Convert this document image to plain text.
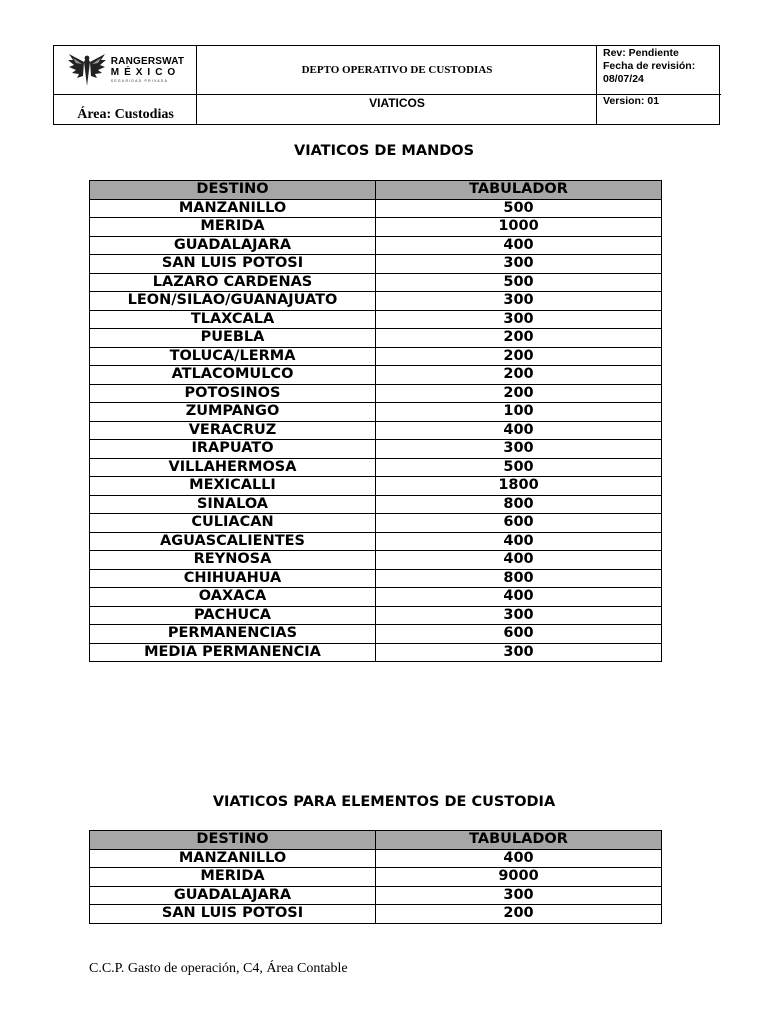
RANGERSWAT
MÉXICO
SEGURIDAD PRIVADA
DEPTO OPERATIVO DE CUSTODIAS
Rev: Pendiente
Fecha de revisión:
08/07/24
Área: Custodias
VIATICOS	Version: 01
VIATICOS DE MANDOS
DESTINO	TABULADOR
MANZANILLO	500
MERIDA	1000
GUADALAJARA	400
SAN LUIS POTOSI	300
LAZARO CARDENAS	500
LEON/SILAO/GUANAJUATO	300
TLAXCALA	300
PUEBLA	200
TOLUCA/LERMA	200
ATLACOMULCO	200
POTOSINOS	200
ZUMPANGO	100
VERACRUZ	400
IRAPUATO	300
VILLAHERMOSA	500
MEXICALLI	1800
SINALOA	800
CULIACAN	600
AGUASCALIENTES	400
REYNOSA	400
CHIHUAHUA	800
OAXACA	400
PACHUCA	300
PERMANENCIAS	600
MEDIA PERMANENCIA	300
VIATICOS PARA ELEMENTOS DE CUSTODIA
DESTINO	TABULADOR
MANZANILLO	400
MERIDA	9000
GUADALAJARA	300
SAN LUIS POTOSI	200
C.C.P. Gasto de operación, C4, Área Contable
